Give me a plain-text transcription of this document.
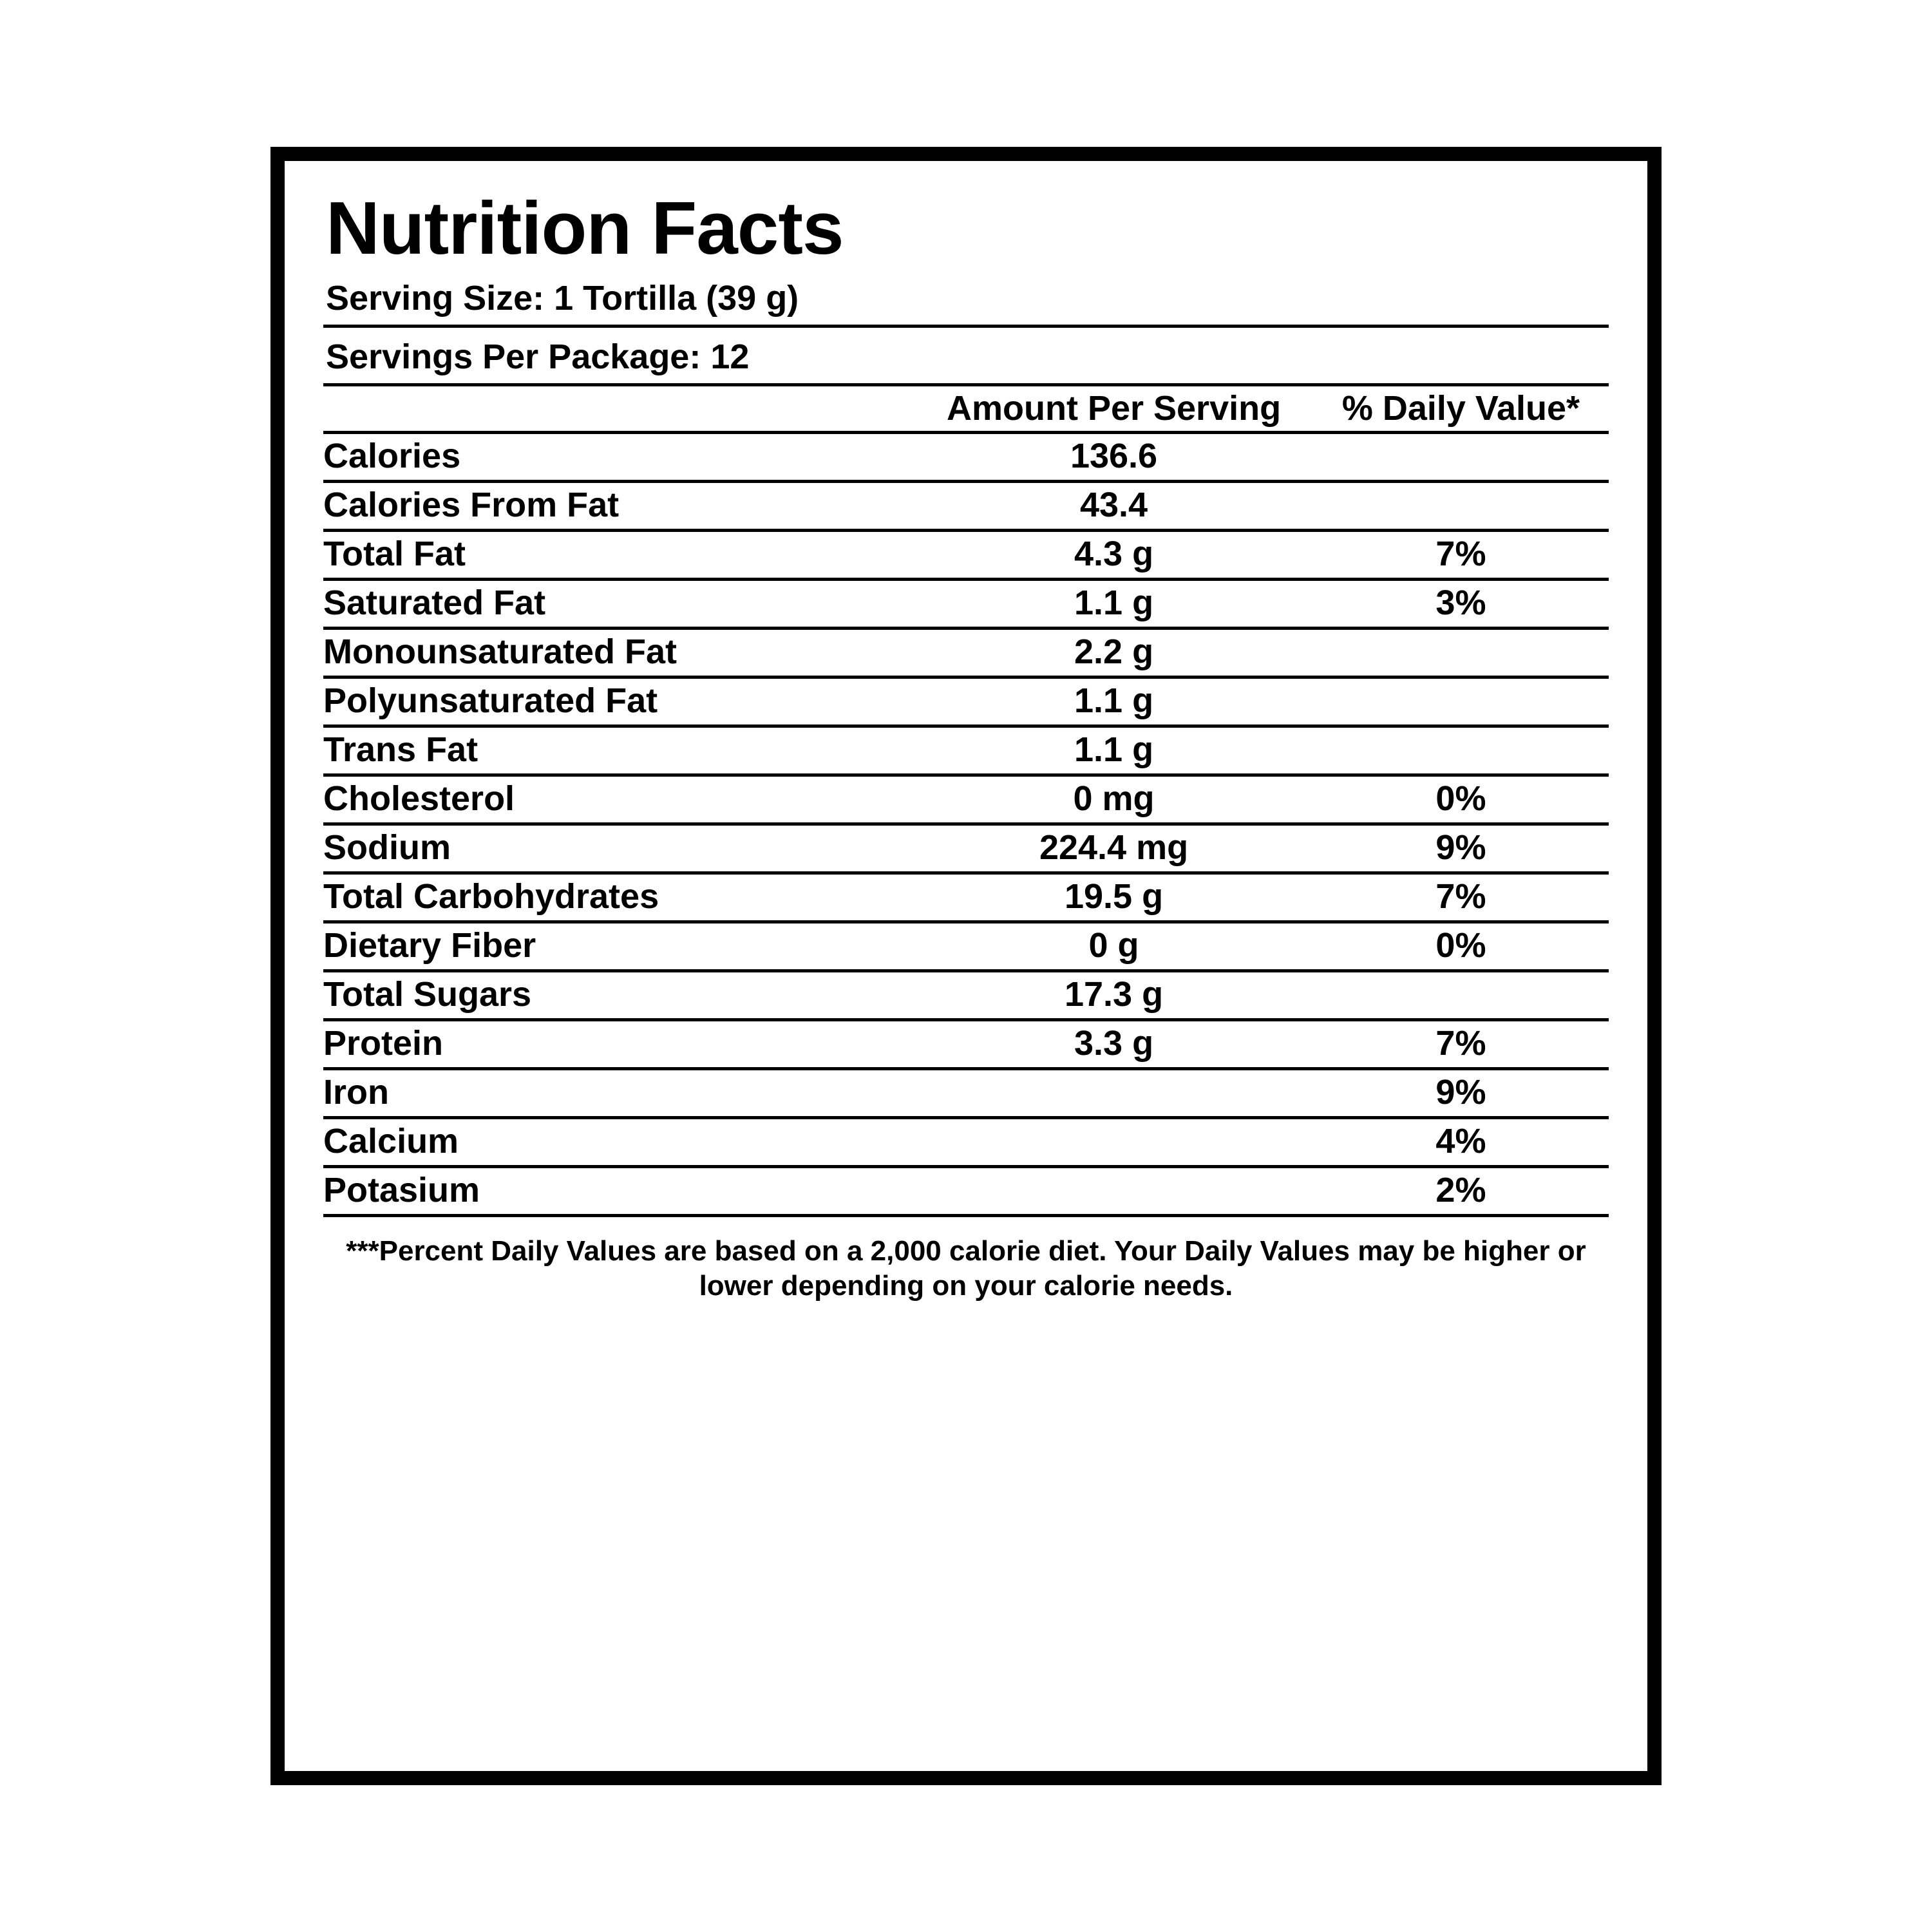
Nutrition Facts
Serving Size: 1 Tortilla (39 g)
Servings Per Package: 12
	Amount Per Serving	% Daily Value*
Calories	136.6	
Calories From Fat	43.4	
Total Fat	4.3 g	7%
Saturated Fat	1.1 g	3%
Monounsaturated Fat	2.2 g	
Polyunsaturated Fat	1.1 g	
Trans Fat	1.1 g	
Cholesterol	0 mg	0%
Sodium	224.4 mg	9%
Total Carbohydrates	19.5 g	7%
Dietary Fiber	0 g	0%
Total Sugars	17.3 g	
Protein	3.3 g	7%
Iron		9%
Calcium		4%
Potasium		2%
***Percent Daily Values are based on a 2,000 calorie diet. Your Daily Values may be higher or lower depending on your calorie needs.
